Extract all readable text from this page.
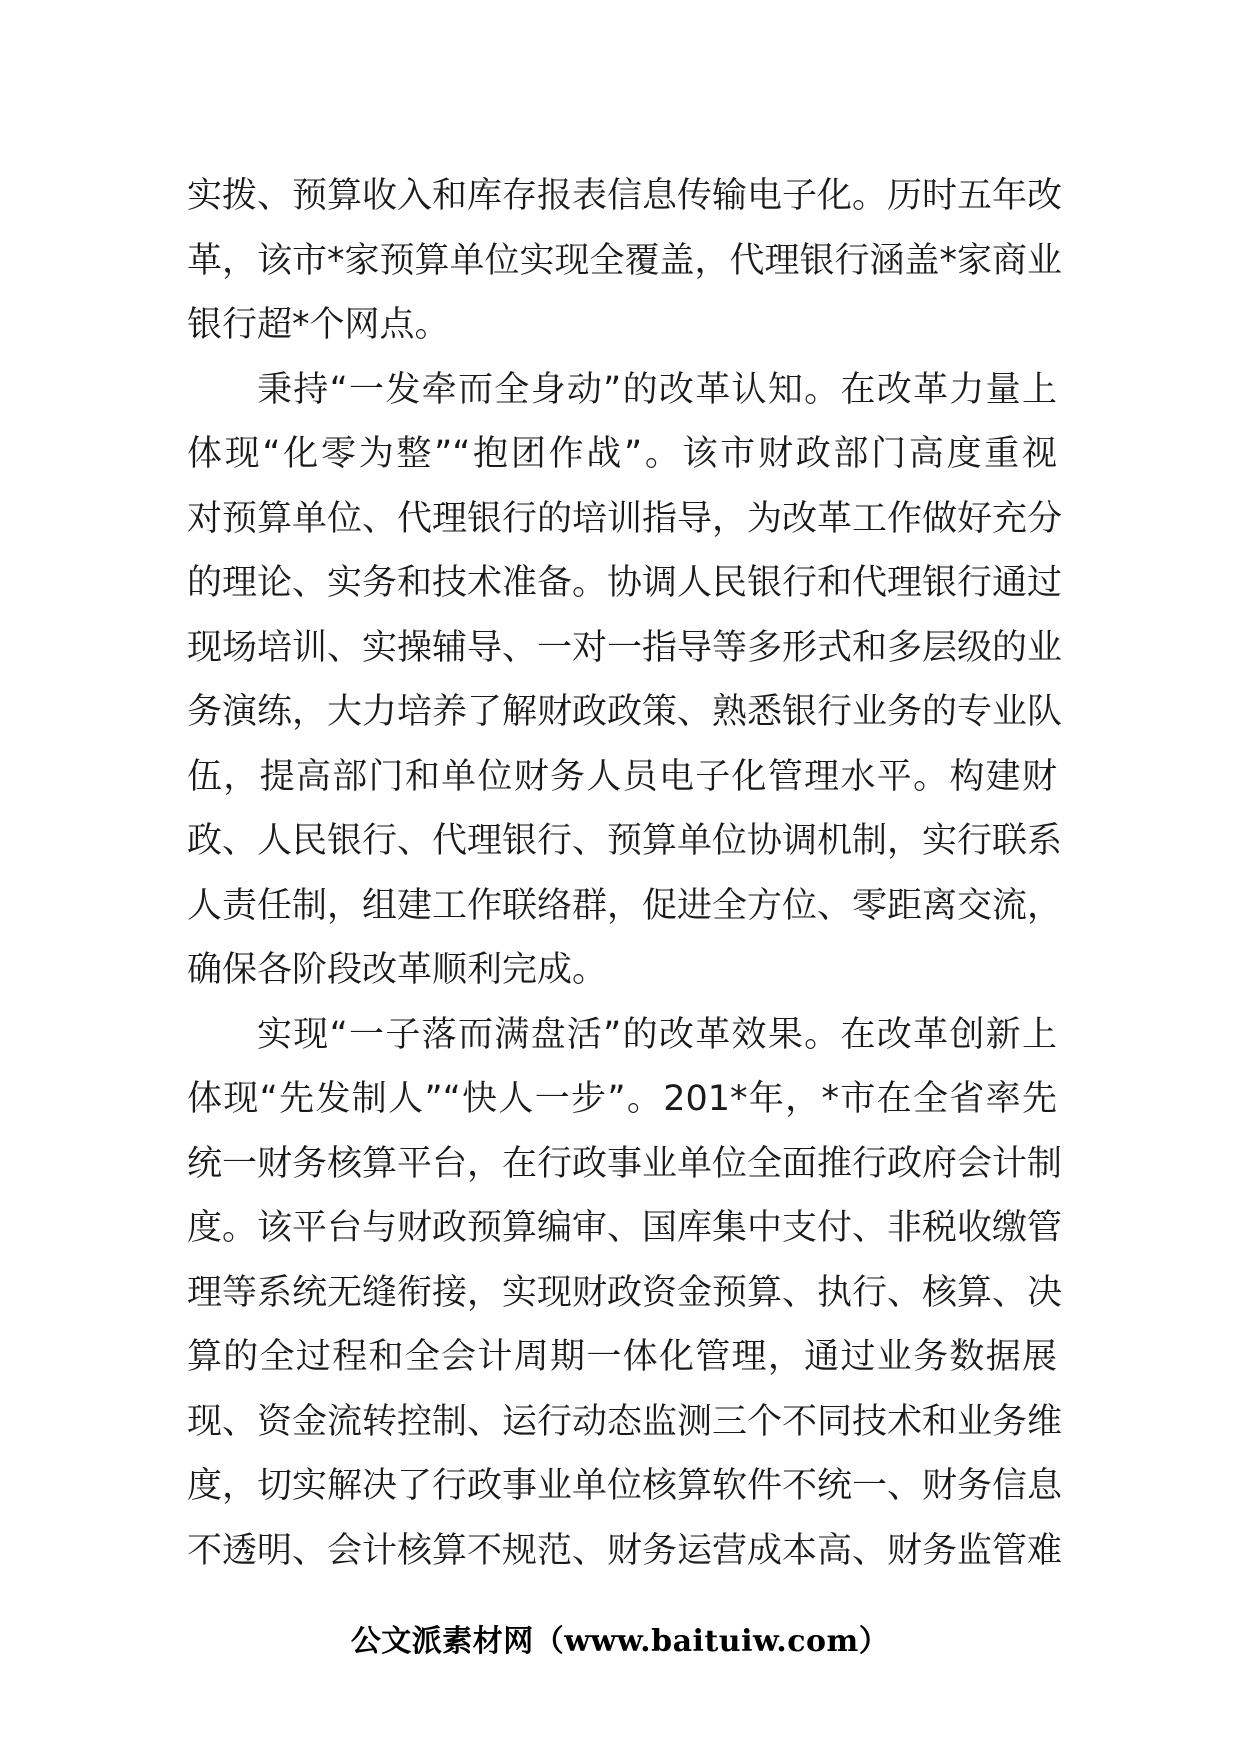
实拨、预算收入和库存报表信息传输电子化。历时五年改
革，该市*家预算单位实现全覆盖，代理银行涵盖*家商业
银行超*个网点。
秉持“一发牵而全身动”的改革认知。在改革力量上
体现“化零为整”“抱团作战”。该市财政部门高度重视
对预算单位、代理银行的培训指导，为改革工作做好充分
的理论、实务和技术准备。协调人民银行和代理银行通过
现场培训、实操辅导、一对一指导等多形式和多层级的业
务演练，大力培养了解财政政策、熟悉银行业务的专业队
伍，提高部门和单位财务人员电子化管理水平。构建财
政、人民银行、代理银行、预算单位协调机制，实行联系
人责任制，组建工作联络群，促进全方位、零距离交流，
确保各阶段改革顺利完成。
实现“一子落而满盘活”的改革效果。在改革创新上
体现“先发制人”“快人一步”。201*年，*市在全省率先
统一财务核算平台，在行政事业单位全面推行政府会计制
度。该平台与财政预算编审、国库集中支付、非税收缴管
理等系统无缝衔接，实现财政资金预算、执行、核算、决
算的全过程和全会计周期一体化管理，通过业务数据展
现、资金流转控制、运行动态监测三个不同技术和业务维
度，切实解决了行政事业单位核算软件不统一、财务信息
不透明、会计核算不规范、财务运营成本高、财务监管难
公文派素材网（www.baituiw.com）
